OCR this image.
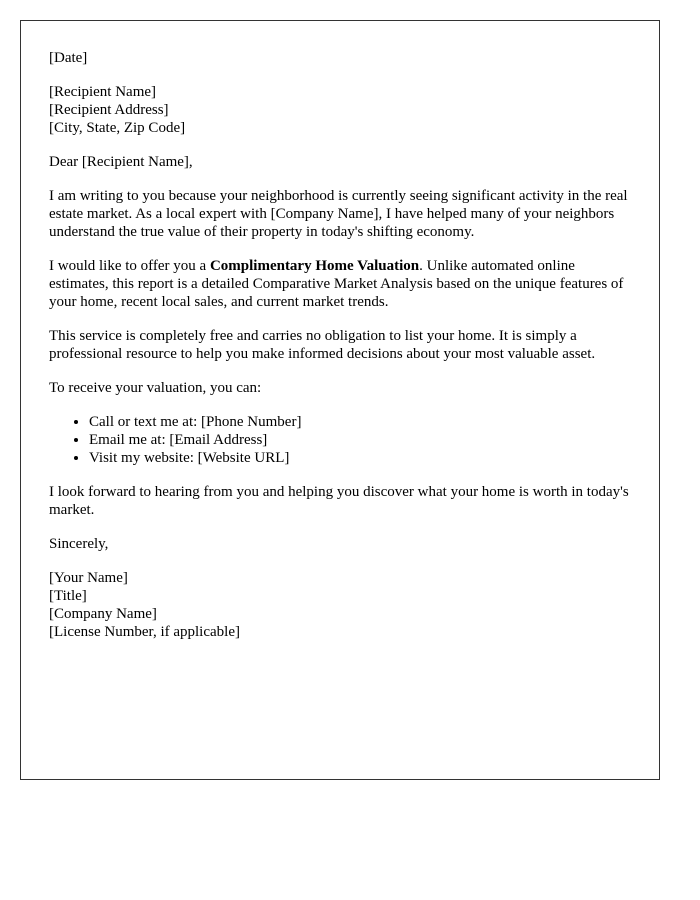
[Date]

[Recipient Name]
[Recipient Address]
[City, State, Zip Code]

Dear [Recipient Name],

I am writing to you because your neighborhood is currently seeing significant activity in the real estate market. As a local expert with [Company Name], I have helped many of your neighbors understand the true value of their property in today's shifting economy.

I would like to offer you a Complimentary Home Valuation. Unlike automated online estimates, this report is a detailed Comparative Market Analysis based on the unique features of your home, recent local sales, and current market trends.

This service is completely free and carries no obligation to list your home. It is simply a professional resource to help you make informed decisions about your most valuable asset.

To receive your valuation, you can:

• Call or text me at: [Phone Number]
• Email me at: [Email Address]
• Visit my website: [Website URL]

I look forward to hearing from you and helping you discover what your home is worth in today's market.

Sincerely,

[Your Name]
[Title]
[Company Name]
[License Number, if applicable]
